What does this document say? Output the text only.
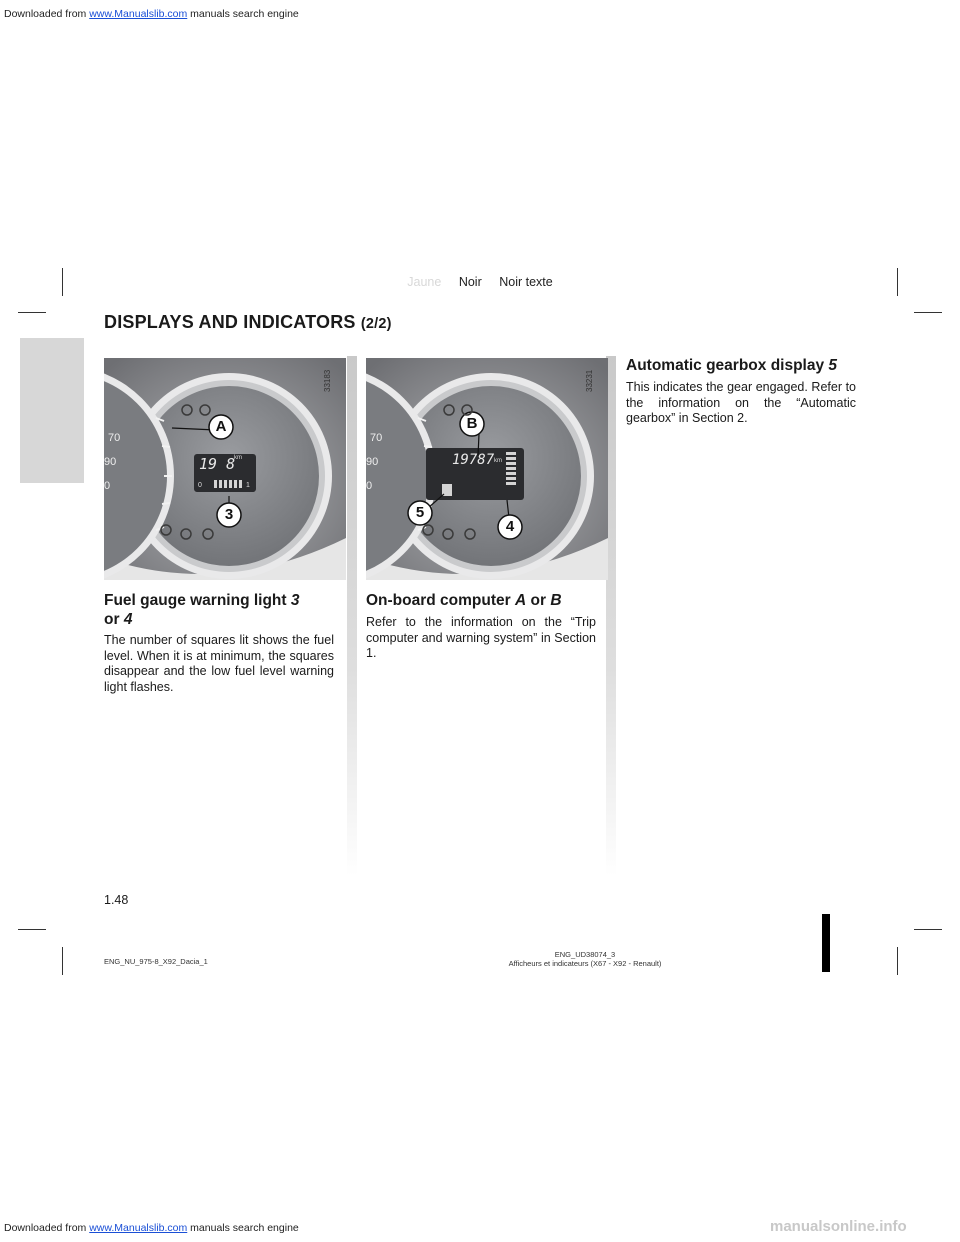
Downloaded from www.Manualslib.com manuals search engine
Jaune Noir Noir texte
DISPLAYS AND INDICATORS (2/2)
70
90
0
19 8
km
0	1
A
3
33183
70
90
0
19787 km
B
5
4
33231
Fuel gauge warning light 3
or 4

The number of squares lit shows the fuel level. When it is at minimum, the squares disappear and the low fuel level warning light flashes.

On-board computer A or B

Refer to the information on the “Trip computer and warning system” in Section 1.

Automatic gearbox display 5

This indicates the gear engaged. Refer to the information on the “Automatic gearbox” in Section 2.

1.48
ENG_NU_975-8_X92_Dacia_1
ENG_UD38074_3
Afficheurs et indicateurs (X67 - X92 - Renault)
Downloaded from www.Manualslib.com manuals search engine	manualsonline.info
